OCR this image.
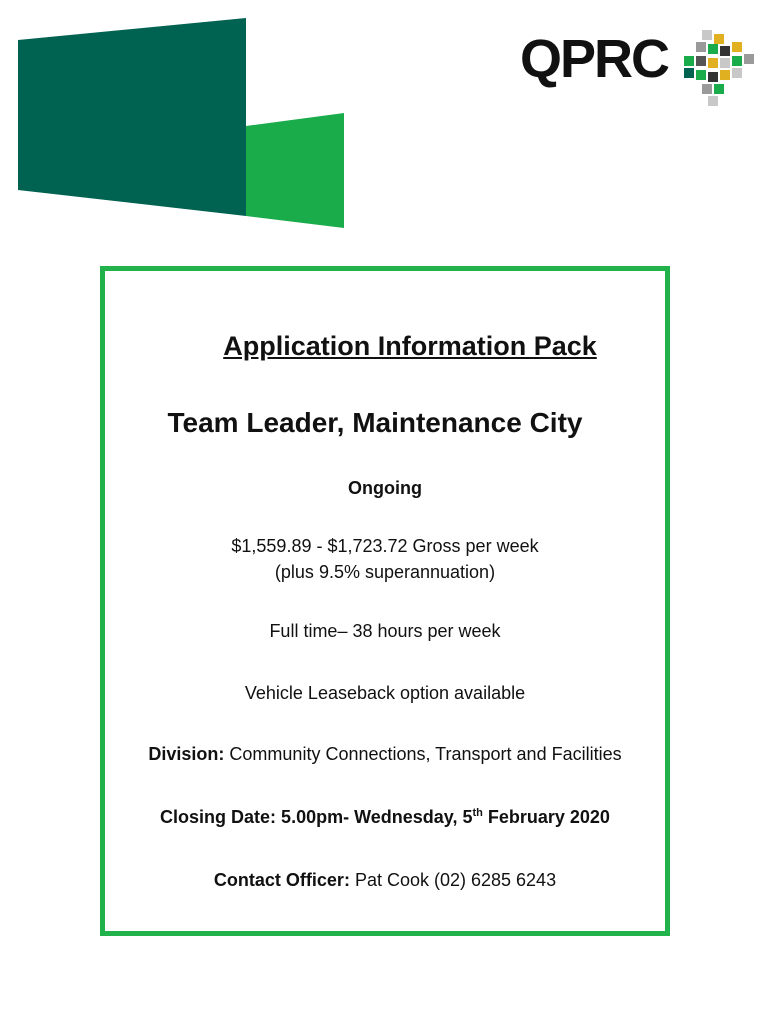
QPRC
Application Information Pack
Team Leader, Maintenance City
Ongoing
$1,559.89 - $1,723.72 Gross per week
(plus 9.5% superannuation)
Full time– 38 hours per week
Vehicle Leaseback option available
Division: Community Connections, Transport and Facilities
Closing Date: 5.00pm- Wednesday, 5th February 2020
Contact Officer: Pat Cook (02) 6285 6243
